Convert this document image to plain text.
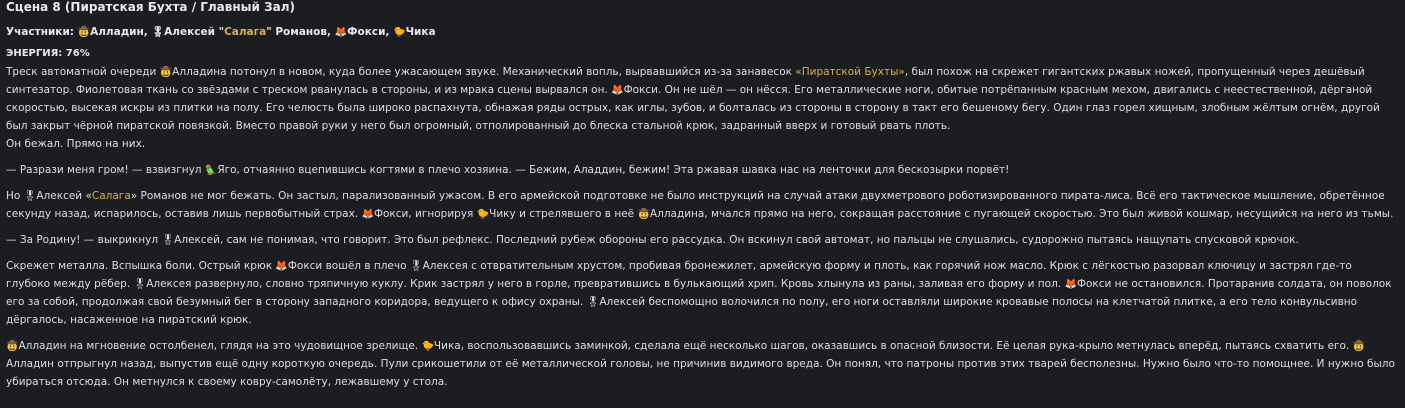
Сцена 8 (Пиратская Бухта / Главный Зал)
Участники: 🤠Алладин, 🎖Алексей "Салага" Романов, 🦊Фокси, 🐤Чика
ЭНЕРГИЯ: 76%

Треск автоматной очереди 🤠Алладина потонул в новом, куда более ужасающем звуке. Механический вопль, вырвавшийся из-за занавесок «Пиратской Бухты», был похож на скрежет гигантских ржавых ножей, пропущенный через дешёвый синтезатор. Фиолетовая ткань со звёздами с треском рванулась в стороны, и из мрака сцены вырвался он. 🦊Фокси. Он не шёл — он нёсся. Его металлические ноги, обитые потрёпанным красным мехом, двигались с неестественной, дёрганой скоростью, высекая искры из плитки на полу. Его челюсть была широко распахнута, обнажая ряды острых, как иглы, зубов, и болталась из стороны в сторону в такт его бешеному бегу. Один глаз горел хищным, злобным жёлтым огнём, другой был закрыт чёрной пиратской повязкой. Вместо правой руки у него был огромный, отполированный до блеска стальной крюк, задранный вверх и готовый рвать плоть.

Он бежал. Прямо на них.

— Разрази меня гром! — взвизгнул 🦜Яго, отчаянно вцепившись когтями в плечо хозяина. — Бежим, Аладдин, бежим! Эта ржавая шавка нас на ленточки для бескозырки порвёт!

Но 🎖Алексей «Салага» Романов не мог бежать. Он застыл, парализованный ужасом. В его армейской подготовке не было инструкций на случай атаки двухметрового роботизированного пирата-лиса. Всё его тактическое мышление, обретённое секунду назад, испарилось, оставив лишь первобытный страх. 🦊Фокси, игнорируя 🐤Чику и стрелявшего в неё 🤠Алладина, мчался прямо на него, сокращая расстояние с пугающей скоростью. Это был живой кошмар, несущийся на него из тьмы.

— За Родину! — выкрикнул 🎖Алексей, сам не понимая, что говорит. Это был рефлекс. Последний рубеж обороны его рассудка. Он вскинул свой автомат, но пальцы не слушались, судорожно пытаясь нащупать спусковой крючок.

Скрежет металла. Вспышка боли. Острый крюк 🦊Фокси вошёл в плечо 🎖Алексея с отвратительным хрустом, пробивая бронежилет, армейскую форму и плоть, как горячий нож масло. Крюк с лёгкостью разорвал ключицу и застрял где-то глубоко между рёбер. 🎖Алексея развернуло, словно тряпичную куклу. Крик застрял у него в горле, превратившись в булькающий хрип. Кровь хлынула из раны, заливая его форму и пол. 🦊Фокси не остановился. Протаранив солдата, он поволок его за собой, продолжая свой безумный бег в сторону западного коридора, ведущего к офису охраны. 🎖Алексей беспомощно волочился по полу, его ноги оставляли широкие кровавые полосы на клетчатой плитке, а его тело конвульсивно дёргалось, насаженное на пиратский крюк.

🤠Алладин на мгновение остолбенел, глядя на это чудовищное зрелище. 🐤Чика, воспользовавшись заминкой, сделала ещё несколько шагов, оказавшись в опасной близости. Её целая рука-крыло метнулась вперёд, пытаясь схватить его. 🤠Алладин отпрыгнул назад, выпустив ещё одну короткую очередь. Пули срикошетили от её металлической головы, не причинив видимого вреда. Он понял, что патроны против этих тварей бесполезны. Нужно было что-то помощнее. И нужно было убираться отсюда. Он метнулся к своему ковру-самолёту, лежавшему у стола.
